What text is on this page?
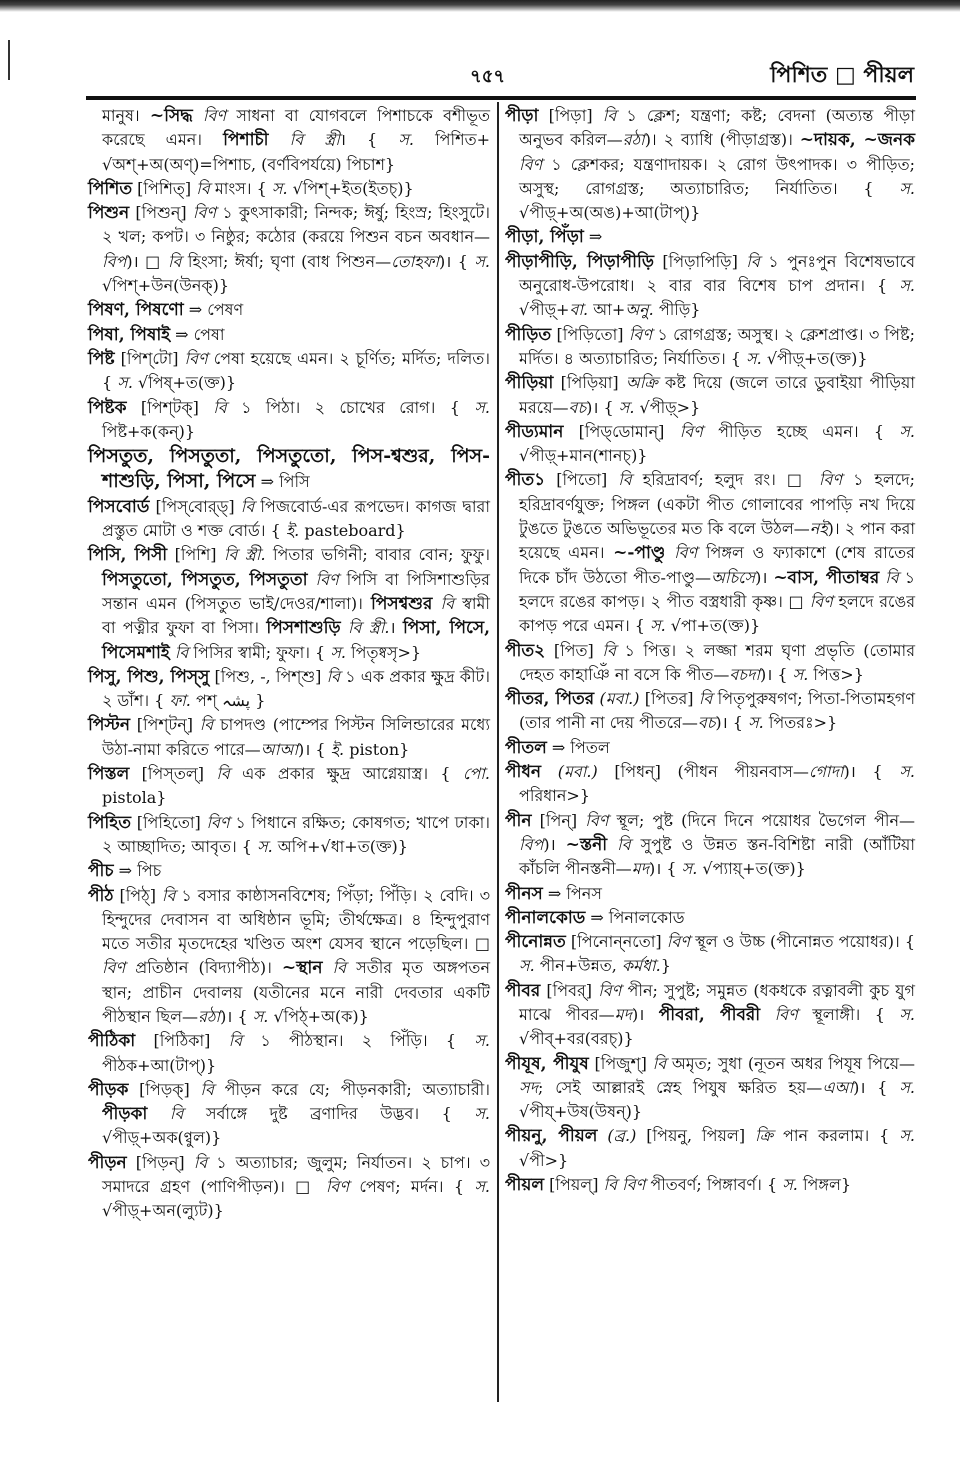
৭৫৭	পিশিত □ পীয়ল

মানুষ। ~সিদ্ধ বিণ সাধনা বা যোগবলে পিশাচকে বশীভূত করেছে এমন। পিশাচী বি স্ত্রী। { স. পিশিত+ √অশ্+অ(অণ্)=পিশাচ, (বর্ণবিপর্যয়ে) পিচাশ}

পিশিত [পিশিত্] বি মাংস। { স. √পিশ্+ইত(ইতচ্)}

পিশুন [পিশুন্] বিণ ১ কুৎসাকারী; নিন্দক; ঈর্ষু; হিংস্র; হিংসুটে। ২ খল; কপট। ৩ নিষ্ঠুর; কঠোর (করয়ে পিশুন বচন অবধান—বিপ)। □ বি হিংসা; ঈর্ষা; ঘৃণা (বাধ পিশুন—তোহফা)। { স. √পিশ্+উন(উনক্)}

পিষণ, পিষণো ⇒ পেষণ

পিষা, পিষাই ⇒ পেষা

পিষ্ট [পিশ্‌টো] বিণ পেষা হয়েছে এমন। ২ চূর্ণিত; মর্দিত; দলিত। { স. √পিষ্+ত(ক্ত)}

পিষ্টক [পিশ্‌টক্] বি ১ পিঠা। ২ চোখের রোগ। { স. পিষ্ট+ক(কন্)}

পিসতুত, পিসতুতা, পিসতুতো, পিস-শ্বশুর, পিস-শাশুড়ি, পিসা, পিসে ⇒ পিসি

পিসবোর্ড [পিস্‌বোর্‌ড্] বি পিজবোর্ড-এর রূপভেদ। কাগজ দ্বারা প্রস্তুত মোটা ও শক্ত বোর্ড। { ই. pasteboard}

পিসি, পিসী [পিশি] বি স্ত্রী. পিতার ভগিনী; বাবার বোন; ফুফু। পিসতুতো, পিসতুত, পিসতুতা বিণ পিসি বা পিসিশাশুড়ির সন্তান এমন (পিসতুত ভাই/দেওর/শালা)। পিসশ্বশুর বি স্বামী বা পত্নীর ফুফা বা পিসা। পিসশাশুড়ি বি স্ত্রী.। পিসা, পিসে, পিসেমশাই বি পিসির স্বামী; ফুফা। { স. পিতৃষ্বসৃ>}

পিসু, পিশু, পিস্‌সু [পিশু, -, পিশ্‌শু] বি ১ এক প্রকার ক্ষুদ্র কীট। ২ ডাঁশ। { ফা. পশ্ پشہ }

পিস্টন [পিশ্‌টন্] বি চাপদণ্ড (পাম্পের পিস্টন সিলিন্ডারের মধ্যে উঠা-নামা করিতে পারে—আআ)। { ই. piston}

পিস্তল [পিস্‌তল্] বি এক প্রকার ক্ষুদ্র আগ্নেয়াস্ত্র। { পো. pistola}

পিহিত [পিহিতো] বিণ ১ পিধানে রক্ষিত; কোষগত; খাপে ঢাকা। ২ আচ্ছাদিত; আবৃত। { স. অপি+√ধা+ত(ক্ত)}

পীচ ⇒ পিচ

পীঠ [পিঠ্] বি ১ বসার কাষ্ঠাসনবিশেষ; পিঁড়া; পিঁড়ি। ২ বেদি। ৩ হিন্দুদের দেবাসন বা অধিষ্ঠান ভূমি; তীর্থক্ষেত্র। ৪ হিন্দুপুরাণ মতে সতীর মৃতদেহের খণ্ডিত অংশ যেসব স্থানে পড়েছিল। □ বিণ প্রতিষ্ঠান (বিদ্যাপীঠ)। ~স্থান বি সতীর মৃত অঙ্গপতন স্থান; প্রাচীন দেবালয় (যতীনের মনে নারী দেবতার একটি পীঠস্থান ছিল—রঠা)। { স. √পিঠ্+অ(ক)}

পীঠিকা [পিঠিকা] বি ১ পীঠস্থান। ২ পিঁড়ি। { স. পীঠক+আ(টাপ্)}

পীড়ক [পিড়ক্] বি পীড়ন করে যে; পীড়নকারী; অত্যাচারী। পীড়কা বি সর্বাঙ্গে দুষ্ট ব্রণাদির উদ্ভব। { স. √পীড়্+অক(ণ্বুল)}

পীড়ন [পিড়ন্] বি ১ অত্যাচার; জুলুম; নির্যাতন। ২ চাপ। ৩ সমাদরে গ্রহণ (পাণিপীড়ন)। □ বিণ পেষণ; মর্দন। { স. √পীড়্+অন(ল্যুট)}

পীড়া [পিড়া] বি ১ ক্লেশ; যন্ত্রণা; কষ্ট; বেদনা (অত্যন্ত পীড়া অনুভব করিল—রঠা)। ২ ব্যাধি (পীড়াগ্রস্ত)। ~দায়ক, ~জনক বিণ ১ ক্লেশকর; যন্ত্রণাদায়ক। ২ রোগ উৎপাদক। ৩ পীড়িত; অসুস্থ; রোগগ্রস্ত; অত্যাচারিত; নির্যাতিত। { স. √পীড়্+অ(অঙ)+আ(টাপ্)}

পীড়া, পিঁড়া ⇒

পীড়াপীড়ি, পিড়াপীড়ি [পিড়াপিড়ি] বি ১ পুনঃপুন বিশেষভাবে অনুরোধ-উপরোধ। ২ বার বার বিশেষ চাপ প্রদান। { স. √পীড়্+বা. আ+অনু. পীড়ি}

পীড়িত [পিড়িতো] বিণ ১ রোগগ্রস্ত; অসুস্থ। ২ ক্লেশপ্রাপ্ত। ৩ পিষ্ট; মর্দিত। ৪ অত্যাচারিত; নির্যাতিত। { স. √পীড়্+ত(ক্ত)}

পীড়িয়া [পিড়িয়া] অক্রি কষ্ট দিয়ে (জলে তারে ডুবাইয়া পীড়িয়া মরয়ে—বচ)। { স. √পীড়্>}

পীড্যমান [পিড্‌ডোমান্] বিণ পীড়িত হচ্ছে এমন। { স. √পীড়্+মান(শানচ্)}

পীত১ [পিতো] বি হরিদ্রাবর্ণ; হলুদ রং। □ বিণ ১ হলদে; হরিদ্রাবর্ণযুক্ত; পিঙ্গল (একটা পীত গোলাবের পাপড়ি নখ দিয়ে টুঙতে টুঙতে অভিভূতের মত কি বলে উঠল—নই)। ২ পান করা হয়েছে এমন। ~-পাণ্ডু বিণ পিঙ্গল ও ফ্যাকাশে (শেষ রাতের দিকে চাঁদ উঠতো পীত-পাণ্ডু—অচিসে)। ~বাস, পীতাম্বর বি ১ হলদে রঙের কাপড়। ২ পীত বস্ত্রধারী কৃষ্ণ। □ বিণ হলদে রঙের কাপড় পরে এমন। { স. √পা+ত(ক্ত)}

পীত২ [পিত] বি ১ পিত্ত। ২ লজ্জা শরম ঘৃণা প্রভৃতি (তোমার দেহত কাহাঞিঁ না বসে কি পীত—বচদা)। { স. পিত্ত>}

পীতর, পিতর (মবা.) [পিতর] বি পিতৃপুরুষগণ; পিতা-পিতামহগণ (তার পানী না দেয় পীতরে—বচ)। { স. পিতরঃ>}

পীতল ⇒ পিতল

পীধন (মবা.) [পিধন্] (পীধন পীয়নবাস—গোদা)। { স. পরিধান>}

পীন [পিন্] বিণ স্থূল; পুষ্ট (দিনে দিনে পয়োধর ভৈগেল পীন—বিপ)। ~স্তনী বি সুপুষ্ট ও উন্নত স্তন-বিশিষ্টা নারী (আঁটিয়া কাঁচলি পীনস্তনী—মদ)। { স. √প্যায়্+ত(ক্ত)}

পীনস ⇒ পিনস

পীনালকোড ⇒ পিনালকোড

পীনোন্নত [পিনোন্‌নতো] বিণ স্থূল ও উচ্চ (পীনোন্নত পয়োধর)। { স. পীন+উন্নত, কর্মধা.}

পীবর [পিবর্] বিণ পীন; সুপুষ্ট; সমুন্নত (ধকধকে রত্নাবলী কুচ যুগ মাঝে পীবর—মদ)। পীবরা, পীবরী বিণ স্থূলাঙ্গী। { স. √পীব্+বর(বরচ্)}

পীযূষ, পীযুষ [পিজুশ্] বি অমৃত; সুধা (নূতন অধর পিযূষ পিয়ে—সদ; সেই আল্লারই স্নেহ পিযুষ ক্ষরিত হয়—এআ)। { স. √পীয্+উষ(উষন্)}

পীয়নু, পীয়ল (ব্র.) [পিয়নু, পিয়ল] ক্রি পান করলাম। { স. √পী>}

পীয়ল [পিয়ল্] বি বিণ পীতবর্ণ; পিঙ্গাবর্ণ। { স. পিঙ্গল}
